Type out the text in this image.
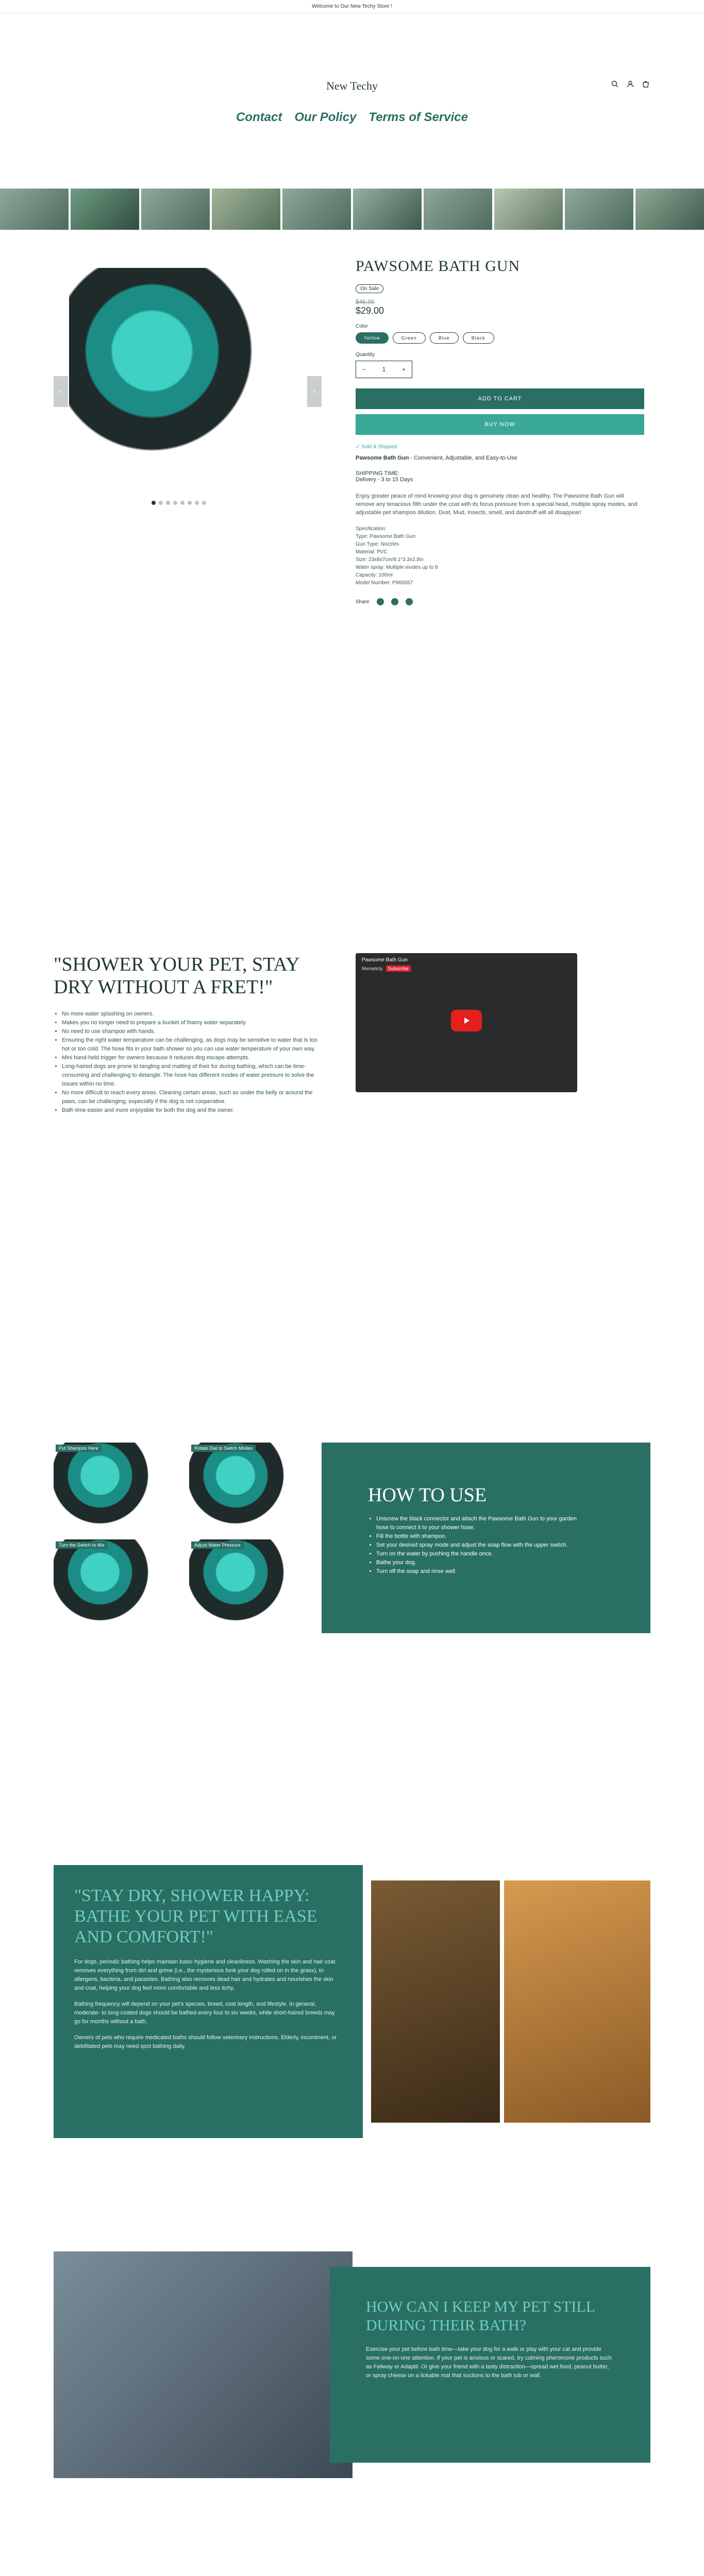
Welcome to Our New Techy Store !
New Techy
Contact Our Policy Terms of Service
‹	›
PAWSOME BATH GUN
On Sale
$45.00
$29.00
Color
Yellow	Green	Blue	Black
Quantity
−	1	+
ADD TO CART
BUY NOW
✓ Sold & Shipped
Pawsome Bath Gun - Convenient, Adjustable, and Easy-to-Use
SHIPPING TIME:
Delivery - 3 to 15 Days
Enjoy greater peace of mind knowing your dog is genuinely clean and healthy. The Pawsome Bath Gun will remove any tenacious filth under the coat with its focus pressure from a special head, multiple spray modes, and adjustable pet shampoo dilution. Dust, Mud, Insects, smell, and dandruff will all disappear!
Specification:
Type: Pawsome Bath Gun
Gun Type: Nozzles
Material: PVC
Size: 23x8x7cm/9.1*3.3x2.8in
Water spray: Multiple modes up to 8
Capacity: 100ml
Model Number: P965657
Share
"SHOWER YOUR PET, STAY DRY WITHOUT A FRET!"
• No more water splashing on owners.
• Makes you no longer need to prepare a bucket of foamy water separately.
• No need to use shampoo with hands.
• Ensuring the right water temperature can be challenging, as dogs may be sensitive to water that is too hot or too cold. The hose fits in your bath shower so you can use water temperature of your own way.
• Mini hand-held trigger for owners because it reduces dog escape attempts.
• Long-haired dogs are prone to tangling and matting of their fur during bathing, which can be time-consuming and challenging to detangle. The hose has different modes of water pressure to solve the issues within no time.
• No more difficult to reach every areas. Cleaning certain areas, such as under the belly or around the paws, can be challenging, especially if the dog is not cooperative.
• Bath time easier and more enjoyable for both the dog and the owner.
Pawsome Bath Gun
Memeticly	Subscribe
Put Shampoo Here	Rotate Dial to Switch Modes
Turn the Switch to Mix	Adjust Water Pressure
HOW TO USE
• Unscrew the black connector and attach the Pawsome Bath Gun to your garden hose to connect it to your shower hose.
• Fill the bottle with shampoo.
• Set your desired spray mode and adjust the soap flow with the upper switch.
• Turn on the water by pushing the handle once.
• Bathe your dog.
• Turn off the soap and rinse well.
"STAY DRY, SHOWER HAPPY: BATHE YOUR PET WITH EASE AND COMFORT!"

For dogs, periodic bathing helps maintain basic hygiene and cleanliness. Washing the skin and hair coat removes everything from dirt and grime (i.e., the mysterious funk your dog rolled on in the grass), to allergens, bacteria, and parasites. Bathing also removes dead hair and hydrates and nourishes the skin and coat, helping your dog feel more comfortable and less itchy.

Bathing frequency will depend on your pet's species, breed, coat length, and lifestyle. In general, moderate- to long-coated dogs should be bathed every four to six weeks, while short-haired breeds may go for months without a bath.

Owners of pets who require medicated baths should follow veterinary instructions. Elderly, incontinent, or debilitated pets may need spot bathing daily.

HOW CAN I KEEP MY PET STILL DURING THEIR BATH?

Exercise your pet before bath time—take your dog for a walk or play with your cat and provide some one-on-one attention. If your pet is anxious or scared, try calming pheromone products such as Feliway or Adaptil. Or give your friend with a tasty distraction—spread wet food, peanut butter, or spray cheese on a lickable mat that suctions to the bath tub or wall.
